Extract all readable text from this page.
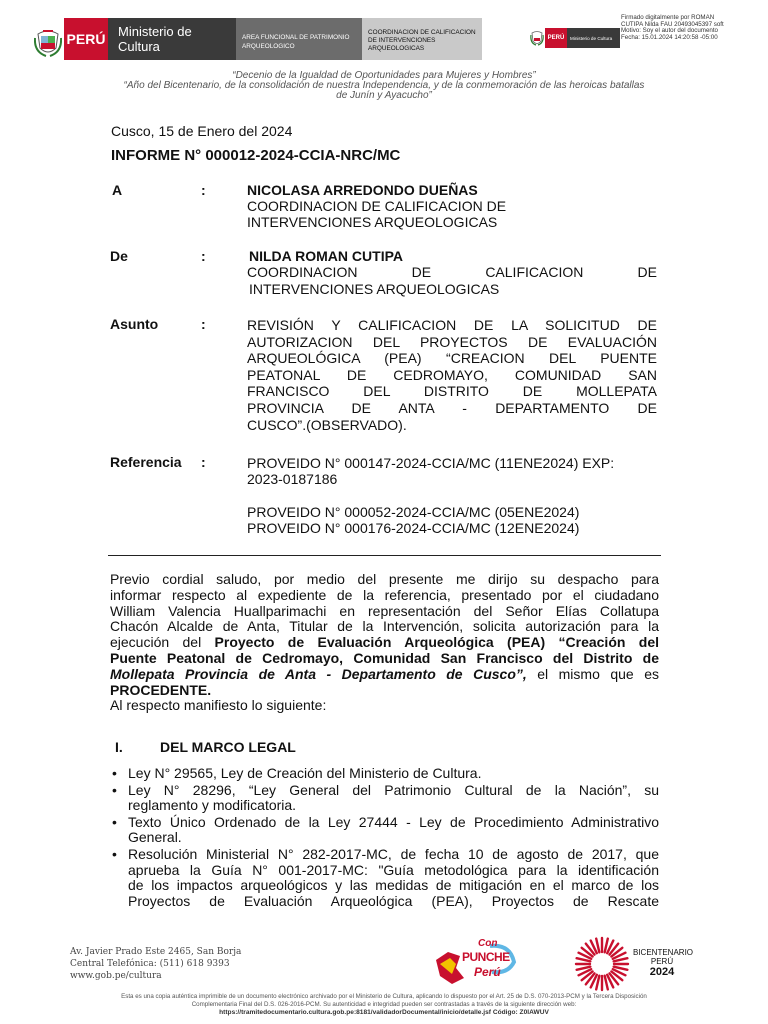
PERÚ Ministerio de Cultura
AREA FUNCIONAL DE PATRIMONIO
ARQUEOLOGICO
COORDINACION DE CALIFICACION
DE INTERVENCIONES
ARQUEOLOGICAS
PERÚ	Ministerio de Cultura
Firmado digitalmente por ROMAN
CUTIPA Nilda FAU 20493045397 soft
Motivo: Soy el autor del documento
Fecha: 15.01.2024 14:20:58 -05:00
“Decenio de la Igualdad de Oportunidades para Mujeres y Hombres”
“Año del Bicentenario, de la consolidación de nuestra Independencia, y de la conmemoración de las heroicas batallas
de Junín y Ayacucho”
Cusco, 15 de Enero del 2024
INFORME N° 000012-2024-CCIA-NRC/MC
A	:	NICOLASA ARREDONDO DUEÑAS
COORDINACION DE CALIFICACION DE
INTERVENCIONES ARQUEOLOGICAS
De	:	NILDA ROMAN CUTIPA
COORDINACION DE CALIFICACION DE
INTERVENCIONES ARQUEOLOGICAS
Asunto	:	REVISIÓN Y CALIFICACION DE LA SOLICITUD DE
AUTORIZACION DEL PROYECTOS DE EVALUACIÓN
ARQUEOLÓGICA (PEA) “CREACION DEL PUENTE
PEATONAL DE CEDROMAYO, COMUNIDAD SAN
FRANCISCO DEL DISTRITO DE MOLLEPATA
PROVINCIA DE ANTA - DEPARTAMENTO DE
CUSCO”.(OBSERVADO).
Referencia :	PROVEIDO N° 000147-2024-CCIA/MC (11ENE2024) EXP:
2023-0187186
PROVEIDO N° 000052-2024-CCIA/MC (05ENE2024)
PROVEIDO N° 000176-2024-CCIA/MC (12ENE2024)
Previo cordial saludo, por medio del presente me dirijo su despacho para
informar respecto al expediente de la referencia, presentado por el ciudadano
William Valencia Huallparimachi en representación del Señor Elías Collatupa
Chacón Alcalde de Anta, Titular de la Intervención, solicita autorización para la
ejecución del Proyecto de Evaluación Arqueológica (PEA) “Creación del
Puente Peatonal de Cedromayo, Comunidad San Francisco del Distrito de
Mollepata Provincia de Anta - Departamento de Cusco”, el mismo que es
PROCEDENTE.
Al respecto manifiesto lo siguiente:
I.	DEL MARCO LEGAL
• Ley N° 29565, Ley de Creación del Ministerio de Cultura.
• Ley N° 28296, “Ley General del Patrimonio Cultural de la Nación”, su
reglamento y modificatoria.
• Texto Único Ordenado de la Ley 27444 - Ley de Procedimiento Administrativo
General.
• Resolución Ministerial N° 282-2017-MC, de fecha 10 de agosto de 2017, que
aprueba la Guía N° 001-2017-MC: "Guía metodológica para la identificación
de los impactos arqueológicos y las medidas de mitigación en el marco de los
Proyectos de Evaluación Arqueológica (PEA), Proyectos de Rescate
Av. Javier Prado Este 2465, San Borja
Central Telefónica: (511) 618 9393
www.gob.pe/cultura
Con
PUNCHE
Perú
BICENTENARIO
PERÚ
2024
Esta es una copia auténtica imprimible de un documento electrónico archivado por el Ministerio de Cultura, aplicando lo dispuesto por el Art. 25 de D.S. 070-2013-PCM y la Tercera Disposición
Complementaria Final del D.S. 026-2016-PCM. Su autenticidad e integridad pueden ser contrastadas a través de la siguiente dirección web:
https://tramitedocumentario.cultura.gob.pe:8181/validadorDocumental/inicio/detalle.jsf Código: Z0IAWUV
